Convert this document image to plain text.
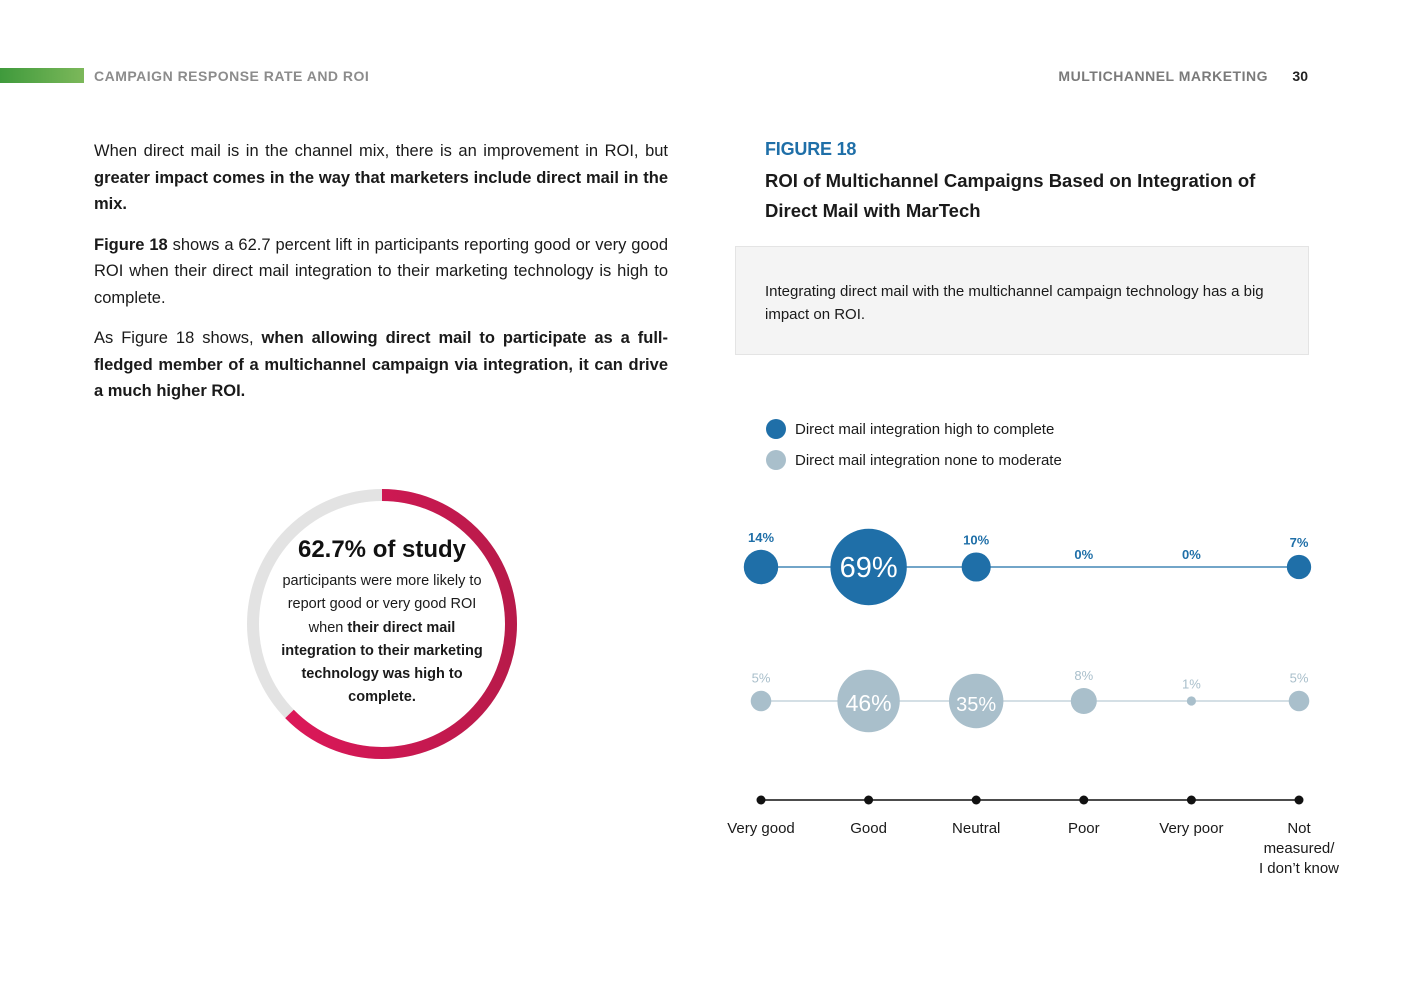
CAMPAIGN RESPONSE RATE AND ROI	MULTICHANNEL MARKETING 30

When direct mail is in the channel mix, there is an improvement in ROI, but greater impact comes in the way that marketers include direct mail in the mix.

Figure 18 shows a 62.7 percent lift in participants reporting good or very good ROI when their direct mail integration to their marketing technology is high to complete.

As Figure 18 shows, when allowing direct mail to participate as a full-fledged member of a multichannel campaign via integration, it can drive a much higher ROI.

62.7% of study
participants were more likely to report good or very good ROI when their direct mail integration to their marketing technology was high to complete.
FIGURE 18
ROI of Multichannel Campaigns Based on Integration of Direct Mail with MarTech
Integrating direct mail with the multichannel campaign technology has a big impact on ROI.
Direct mail integration high to complete
Direct mail integration none to moderate
14%
69%
10%
0%	0%
7%
5%
46%	35%
8%
1%	5%
Very good	Good	Neutral	Poor	Very poor	Not
measured/
I don’t know
